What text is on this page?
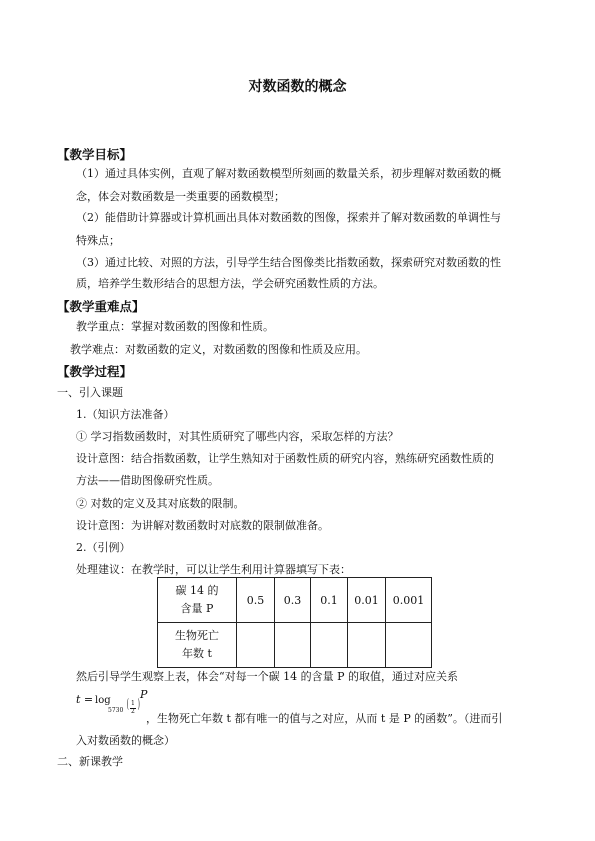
对数函数的概念
【教学目标】
（1）通过具体实例，直观了解对数函数模型所刻画的数量关系，初步理解对数函数的概
念，体会对数函数是一类重要的函数模型；
（2）能借助计算器或计算机画出具体对数函数的图像，探索并了解对数函数的单调性与
特殊点；
（3）通过比较、对照的方法，引导学生结合图像类比指数函数，探索研究对数函数的性
质，培养学生数形结合的思想方法，学会研究函数性质的方法。
【教学重难点】
教学重点：掌握对数函数的图像和性质。
教学难点：对数函数的定义，对数函数的图像和性质及应用。
【教学过程】
一、引入课题
1.（知识方法准备）
① 学习指数函数时，对其性质研究了哪些内容，采取怎样的方法？
设计意图：结合指数函数，让学生熟知对于函数性质的研究内容，熟练研究函数性质的
方法——借助图像研究性质。
② 对数的定义及其对底数的限制。
设计意图：为讲解对数函数时对底数的限制做准备。
2.（引例）
处理建议：在教学时，可以让学生利用计算器填写下表：
碳 14 的
含量 P	0.5	0.3	0.1	0.01	0.001

生物死亡
年数 t					

然后引导学生观察上表，体会“对每一个碳 14 的含量 P 的取值，通过对应关系
t = log
5730 ( 1
2 )
P
，生物死亡年数 t 都有唯一的值与之对应，从而 t 是 P 的函数”。（进而引
入对数函数的概念）
二、新课教学
